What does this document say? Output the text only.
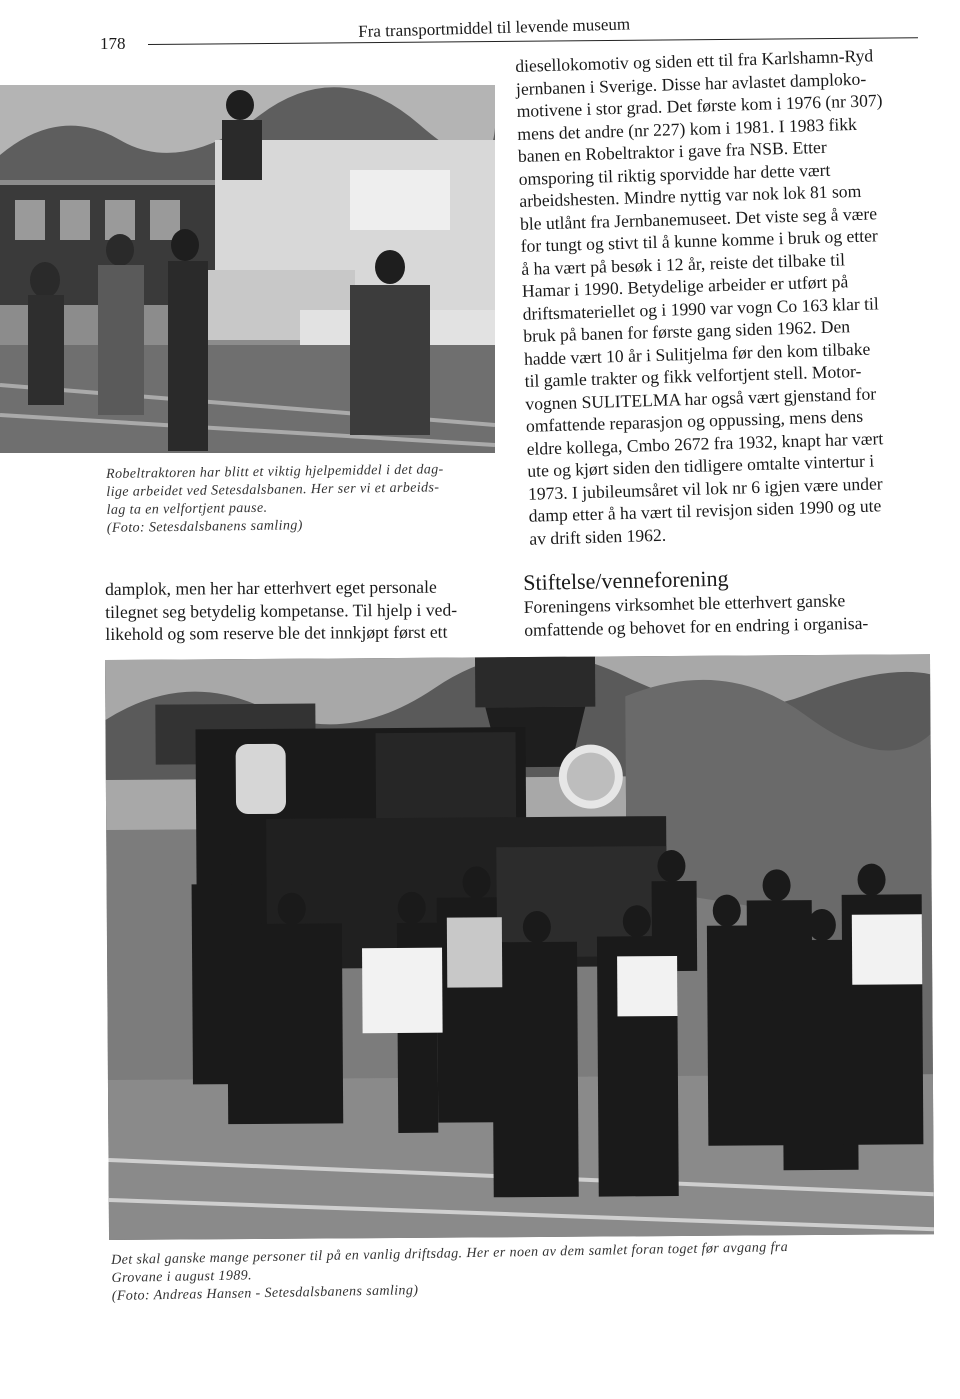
178
Fra transportmiddel til levende museum
Robeltraktoren har blitt et viktig hjelpemiddel i det dag-
lige arbeidet ved Setesdalsbanen. Her ser vi et arbeids-
lag ta en velfortjent pause.
(Foto: Setesdalsbanens samling)
diesellokomotiv og siden ett til fra Karlshamn-Ryd
jernbanen i Sverige. Disse har avlastet damploko-
motivene i stor grad. Det første kom i 1976 (nr 307)
mens det andre (nr 227) kom i 1981. I 1983 fikk
banen en Robeltraktor i gave fra NSB. Etter
omsporing til riktig sporvidde har dette vært
arbeidshesten. Mindre nyttig var nok lok 81 som
ble utlånt fra Jernbanemuseet. Det viste seg å være
for tungt og stivt til å kunne komme i bruk og etter
å ha vært på besøk i 12 år, reiste det tilbake til
Hamar i 1990. Betydelige arbeider er utført på
driftsmateriellet og i 1990 var vogn Co 163 klar til
bruk på banen for første gang siden 1962. Den
hadde vært 10 år i Sulitjelma før den kom tilbake
til gamle trakter og fikk velfortjent stell. Motor-
vognen SULITELMA har også vært gjenstand for
omfattende reparasjon og oppussing, mens dens
eldre kollega, Cmbo 2672 fra 1932, knapt har vært
ute og kjørt siden den tidligere omtalte vintertur i
1973. I jubileumsåret vil lok nr 6 igjen være under
damp etter å ha vært til revisjon siden 1990 og ute
av drift siden 1962.
damplok, men her har etterhvert eget personale
tilegnet seg betydelig kompetanse. Til hjelp i ved-
likehold og som reserve ble det innkjøpt først ett
Stiftelse/venneforening
Foreningens virksomhet ble etterhvert ganske
omfattende og behovet for en endring i organisa-
Det skal ganske mange personer til på en vanlig driftsdag. Her er noen av dem samlet foran toget før avgang fra
Grovane i august 1989.
(Foto: Andreas Hansen - Setesdalsbanens samling)
